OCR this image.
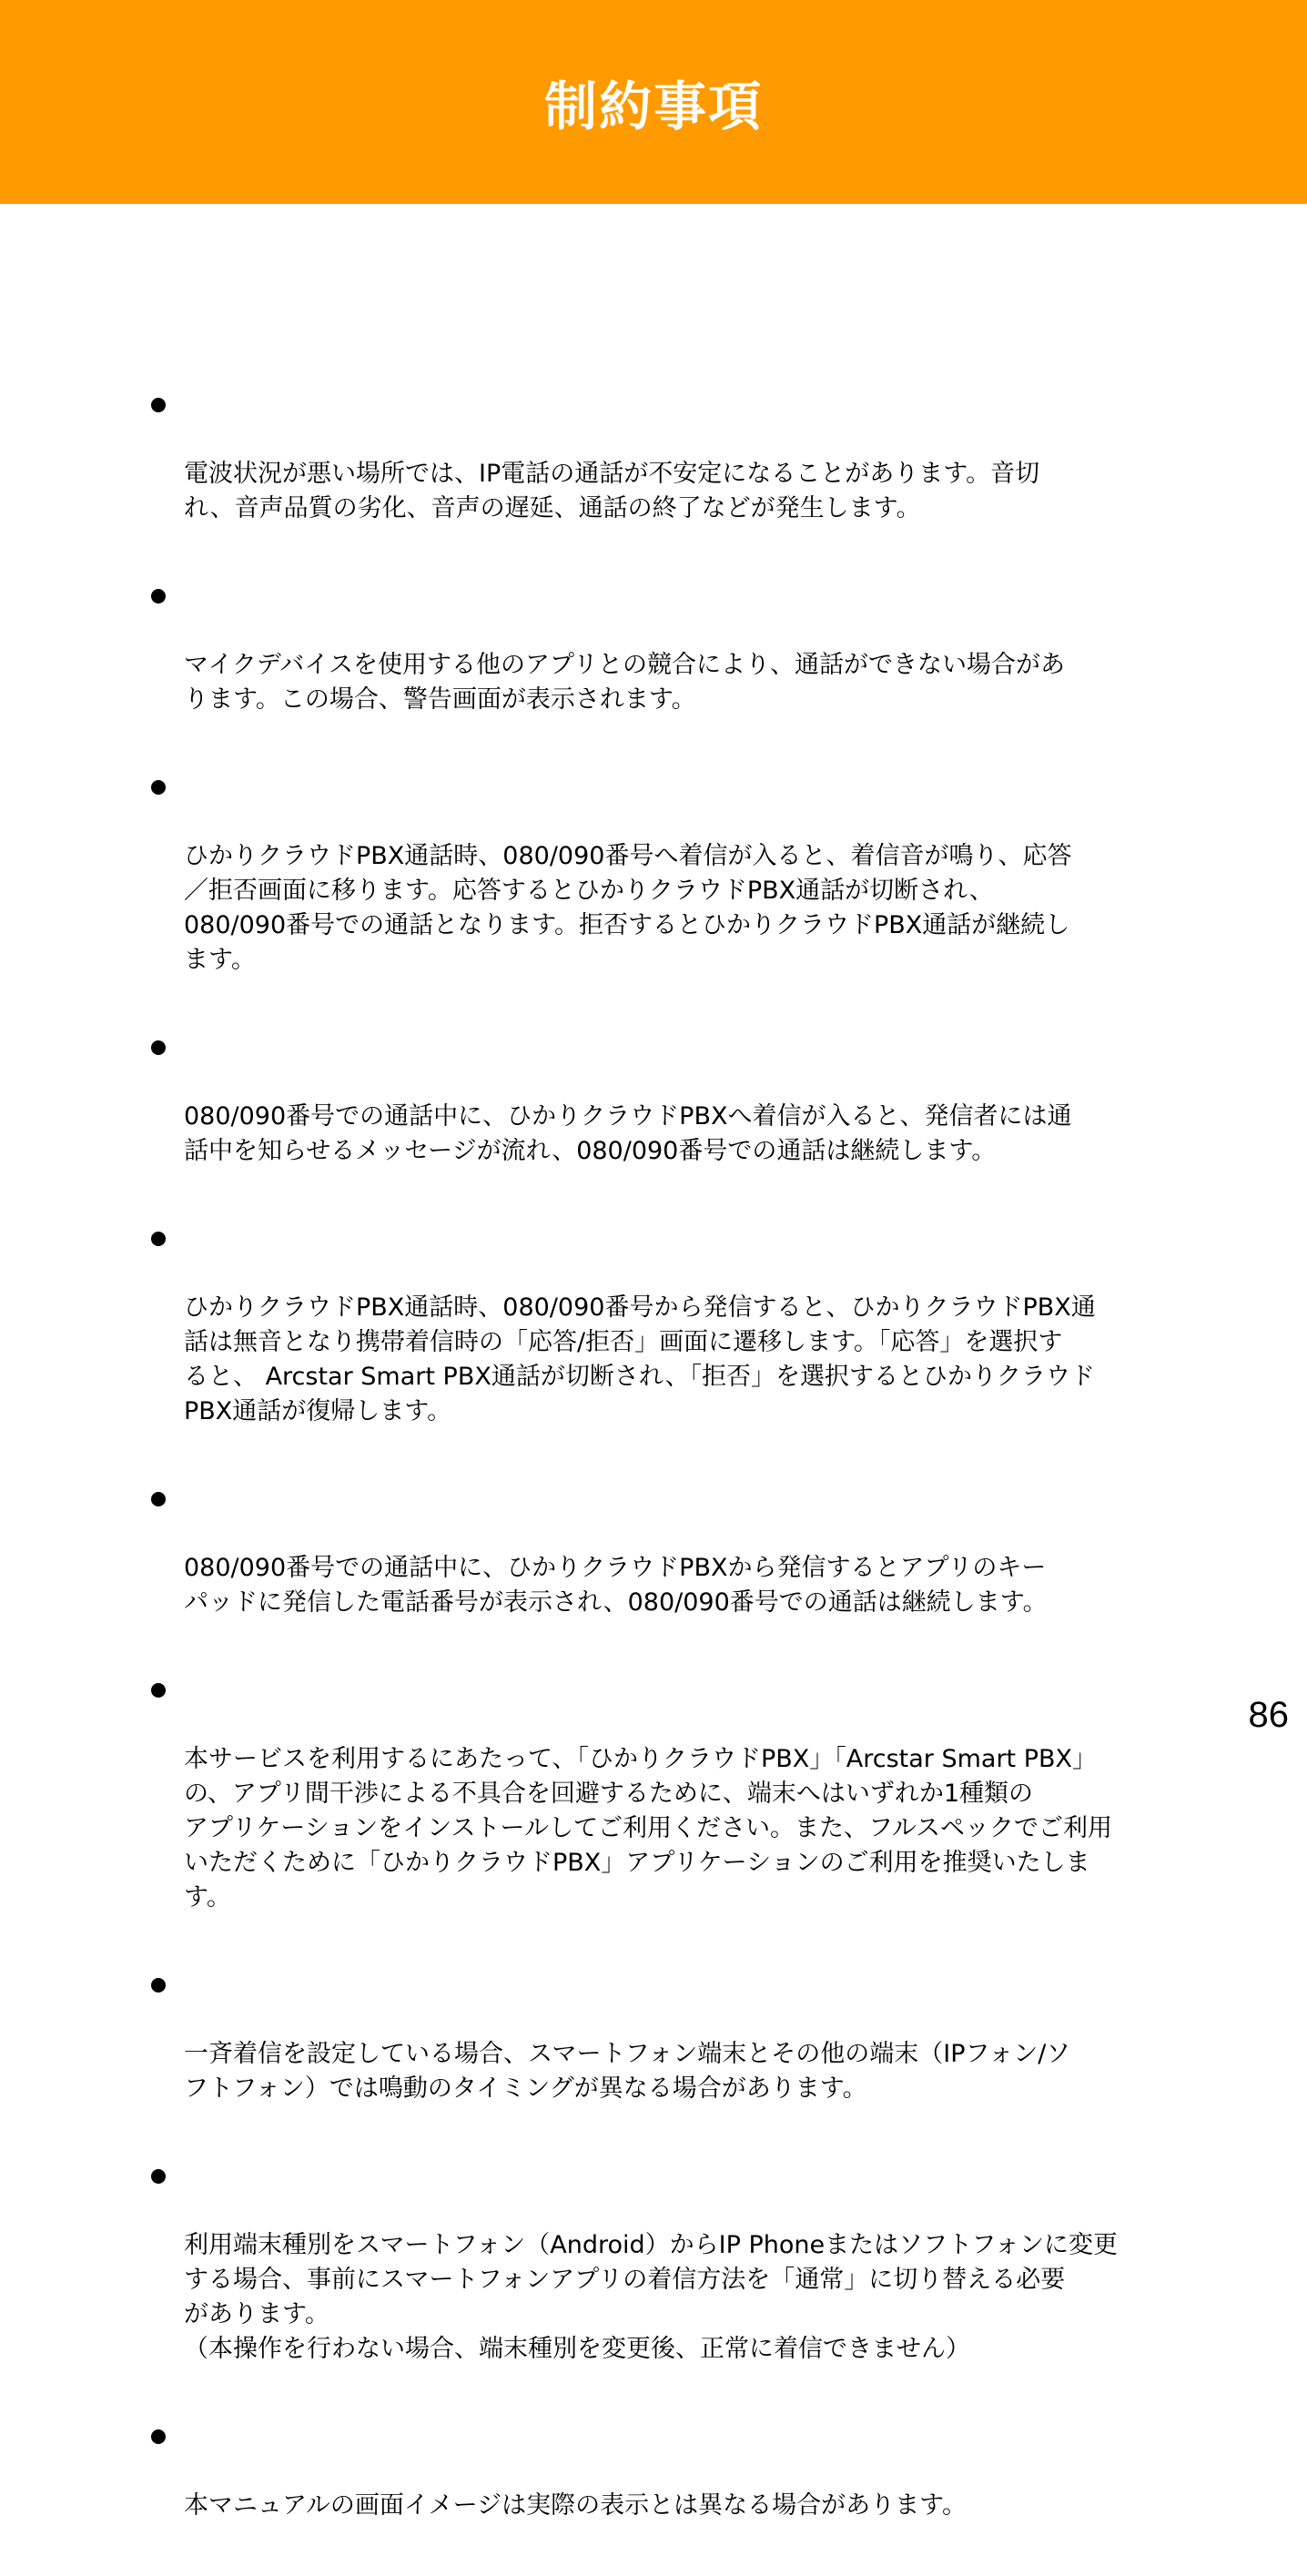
制約事項

電波状況が悪い場所では、IP電話の通話が不安定になることがあります。音切
れ、音声品質の劣化、音声の遅延、通話の終了などが発生します。

マイクデバイスを使用する他のアプリとの競合により、通話ができない場合があ
ります。この場合、警告画面が表示されます。

ひかりクラウドPBX通話時、080/090番号へ着信が入ると、着信音が鳴り、応答
／拒否画面に移ります。応答するとひかりクラウドPBX通話が切断され、
080/090番号での通話となります。拒否するとひかりクラウドPBX通話が継続し
ます。

080/090番号での通話中に、ひかりクラウドPBXへ着信が入ると、発信者には通
話中を知らせるメッセージが流れ、080/090番号での通話は継続します。

ひかりクラウドPBX通話時、080/090番号から発信すると、ひかりクラウドPBX通
話は無音となり携帯着信時の「応答/拒否」画面に遷移します。「応答」を選択す
ると、 Arcstar Smart PBX通話が切断され、「拒否」を選択するとひかりクラウド
PBX通話が復帰します。

080/090番号での通話中に、ひかりクラウドPBXから発信するとアプリのキー
パッドに発信した電話番号が表示され、080/090番号での通話は継続します。

本サービスを利用するにあたって、「ひかりクラウドPBX」「Arcstar Smart PBX」
の、アプリ間干渉による不具合を回避するために、端末へはいずれか1種類の
アプリケーションをインストールしてご利用ください。また、フルスペックでご利用
いただくために「ひかりクラウドPBX」アプリケーションのご利用を推奨いたしま
す。

一斉着信を設定している場合、スマートフォン端末とその他の端末（IPフォン/ソ
フトフォン）では鳴動のタイミングが異なる場合があります。

利用端末種別をスマートフォン（Android）からIP Phoneまたはソフトフォンに変更
する場合、事前にスマートフォンアプリの着信方法を「通常」に切り替える必要
があります。
（本操作を行わない場合、端末種別を変更後、正常に着信できません）

本マニュアルの画面イメージは実際の表示とは異なる場合があります。

86
